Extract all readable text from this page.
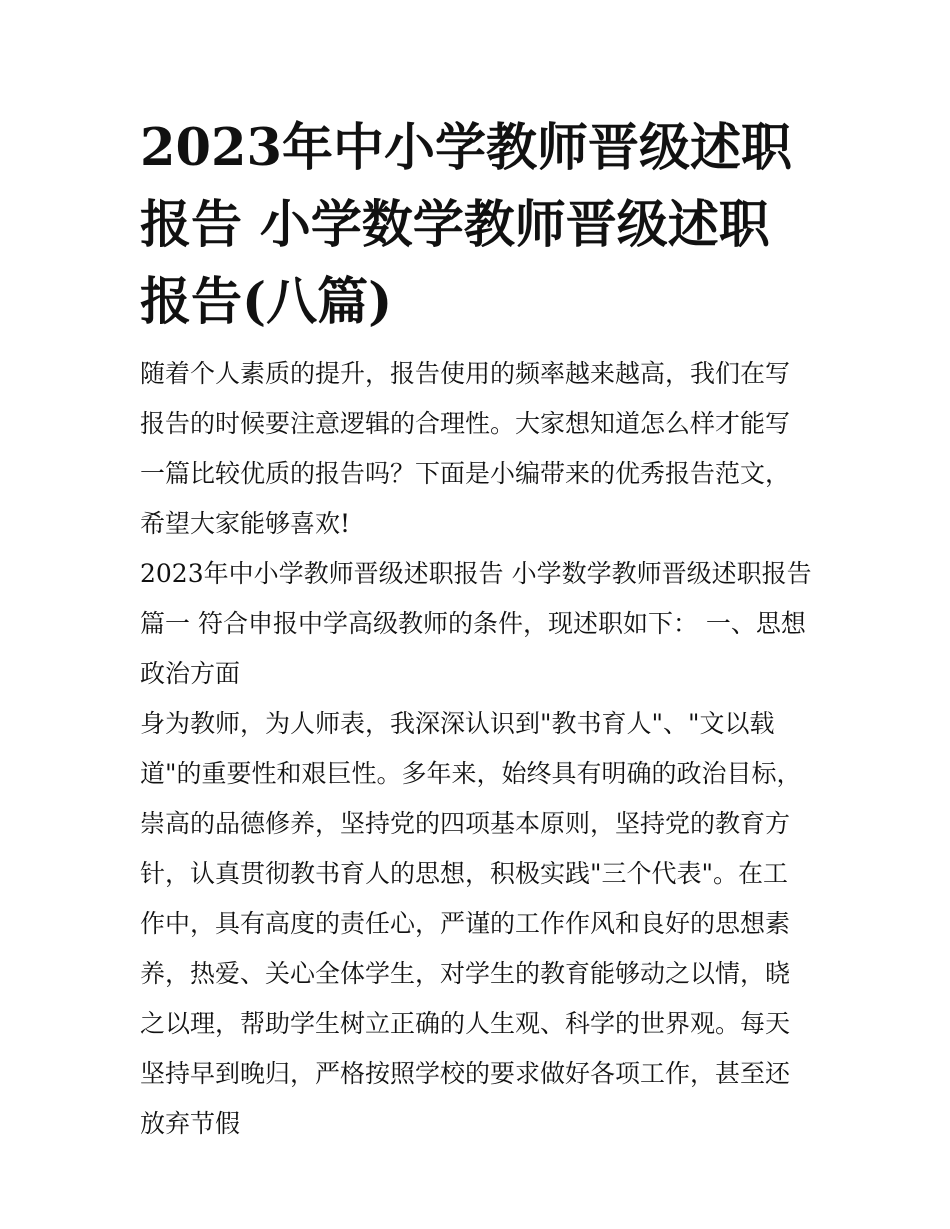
2023年中小学教师晋级述职报告 小学数学教师晋级述职报告(八篇)

随着个人素质的提升，报告使用的频率越来越高，我们在写报告的时候要注意逻辑的合理性。大家想知道怎么样才能写一篇比较优质的报告吗？下面是小编带来的优秀报告范文，希望大家能够喜欢!

2023年中小学教师晋级述职报告 小学数学教师晋级述职报告篇一 符合申报中学高级教师的条件，现述职如下： 一、思想政治方面

身为教师，为人师表，我深深认识到"教书育人"、"文以载道"的重要性和艰巨性。多年来，始终具有明确的政治目标，崇高的品德修养，坚持党的四项基本原则，坚持党的教育方针，认真贯彻教书育人的思想，积极实践"三个代表"。在工作中，具有高度的责任心，严谨的工作作风和良好的思想素养，热爱、关心全体学生，对学生的教育能够动之以情，晓之以理，帮助学生树立正确的人生观、科学的世界观。每天坚持早到晚归，严格按照学校的要求做好各项工作，甚至还放弃节假
